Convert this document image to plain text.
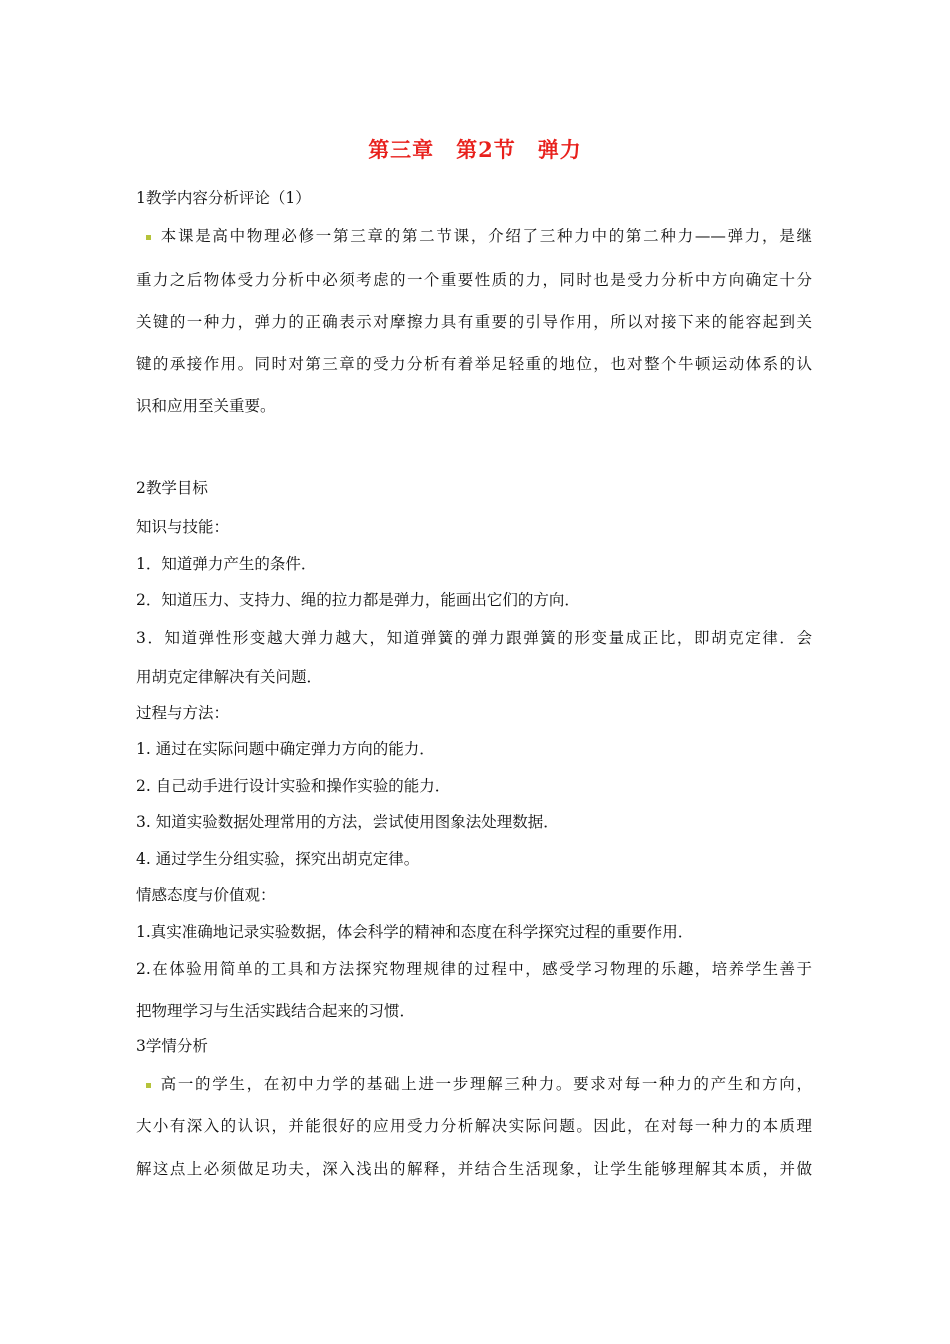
第三章　第2节　弹力
1教学内容分析评论（1）
本课是高中物理必修一第三章的第二节课，介绍了三种力中的第二种力——弹力，是继
重力之后物体受力分析中必须考虑的一个重要性质的力，同时也是受力分析中方向确定十分
关键的一种力，弹力的正确表示对摩擦力具有重要的引导作用，所以对接下来的能容起到关
键的承接作用。同时对第三章的受力分析有着举足轻重的地位，也对整个牛顿运动体系的认
识和应用至关重要。
2教学目标
知识与技能：
1．知道弹力产生的条件．
2．知道压力、支持力、绳的拉力都是弹力，能画出它们的方向．
3．知道弹性形变越大弹力越大，知道弹簧的弹力跟弹簧的形变量成正比，即胡克定律．会
用胡克定律解决有关问题．
过程与方法：
1. 通过在实际问题中确定弹力方向的能力．
2. 自己动手进行设计实验和操作实验的能力．
3. 知道实验数据处理常用的方法，尝试使用图象法处理数据．
4. 通过学生分组实验，探究出胡克定律。
情感态度与价值观：
1.真实准确地记录实验数据，体会科学的精神和态度在科学探究过程的重要作用．
2.在体验用简单的工具和方法探究物理规律的过程中，感受学习物理的乐趣，培养学生善于
把物理学习与生活实践结合起来的习惯．
3学情分析
高一的学生，在初中力学的基础上进一步理解三种力。要求对每一种力的产生和方向，
大小有深入的认识，并能很好的应用受力分析解决实际问题。因此，在对每一种力的本质理
解这点上必须做足功夫，深入浅出的解释，并结合生活现象，让学生能够理解其本质，并做
